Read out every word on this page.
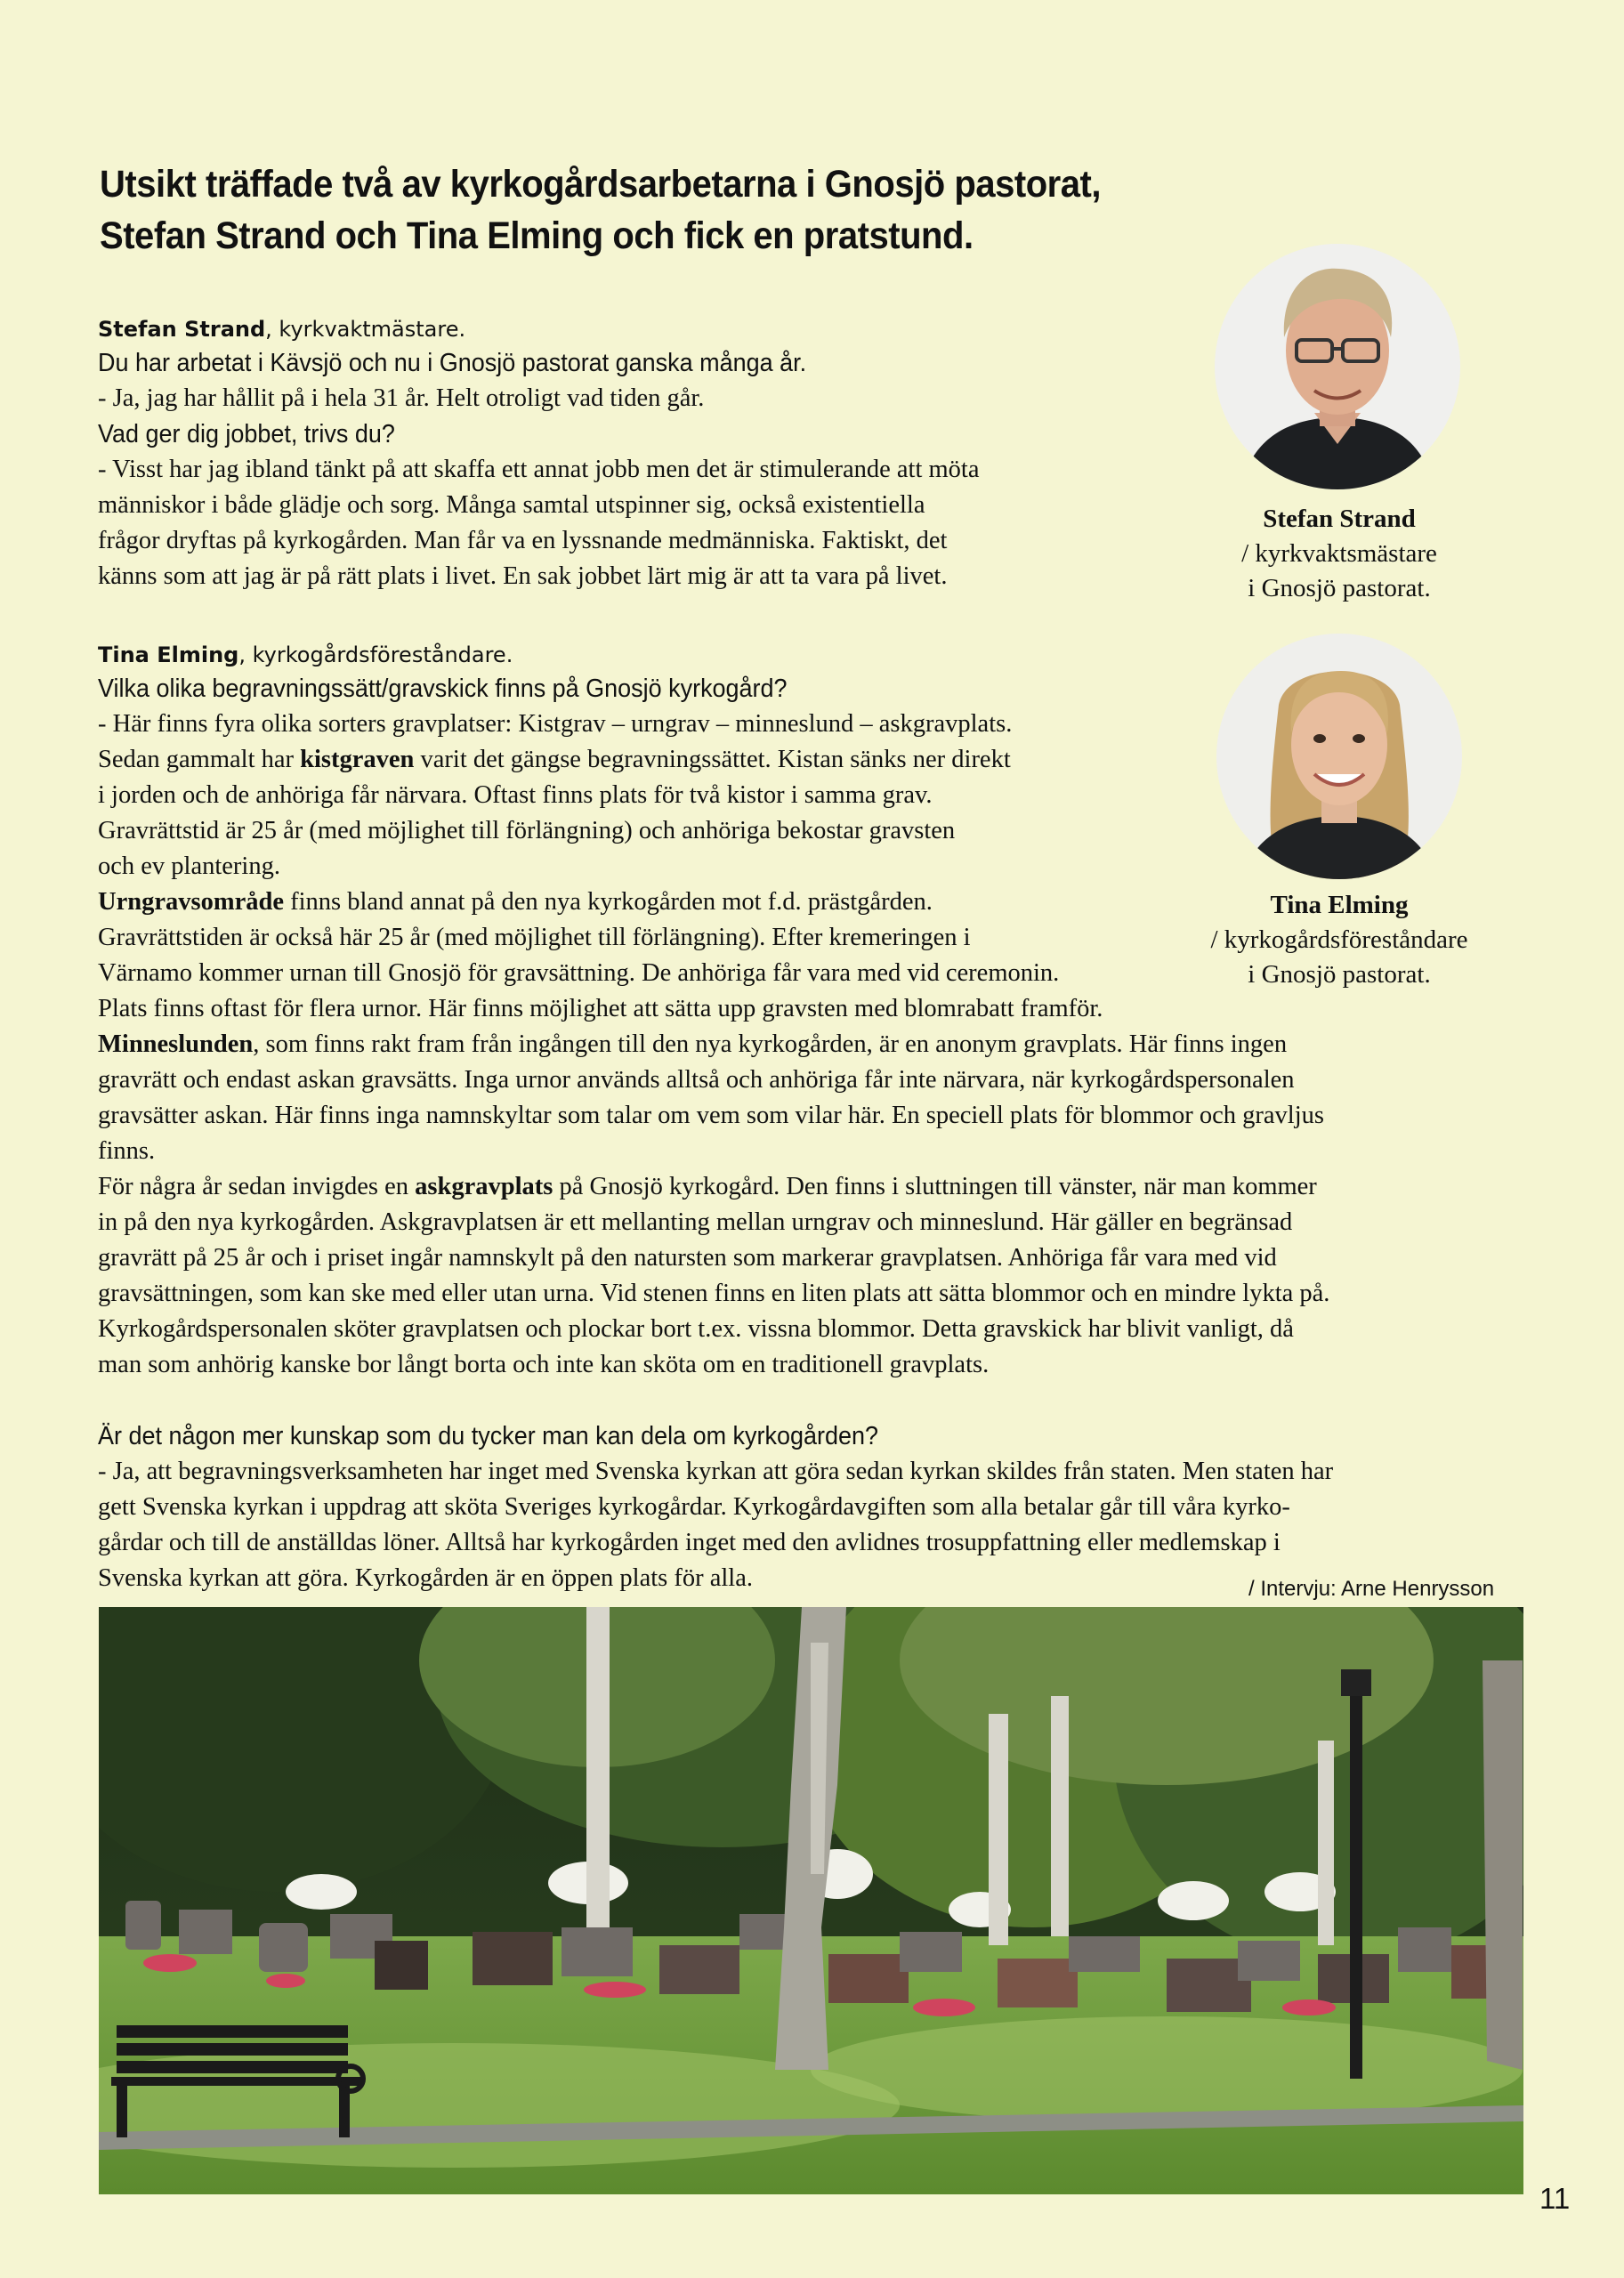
Utsikt träffade två av kyrkogårdsarbetarna i Gnosjö pastorat,
Stefan Strand och Tina Elming och fick en pratstund.
Stefan Strand, kyrkvaktmästare.
Du har arbetat i Kävsjö och nu i Gnosjö pastorat ganska många år.
- Ja, jag har hållit på i hela 31 år. Helt otroligt vad tiden går.
Vad ger dig jobbet, trivs du?
- Visst har jag ibland tänkt på att skaffa ett annat jobb men det är stimulerande att möta
människor i både glädje och sorg. Många samtal utspinner sig, också existentiella
frågor dryftas på kyrkogården. Man får va en lyssnande medmänniska. Faktiskt, det
känns som att jag är på rätt plats i livet. En sak jobbet lärt mig är att ta vara på livet.
Stefan Strand
/ kyrkvaktsmästare
i Gnosjö pastorat.
Tina Elming
/ kyrkogårdsföreståndare
i Gnosjö pastorat.
Tina Elming, kyrkogårdsföreståndare.
Vilka olika begravningssätt/gravskick finns på Gnosjö kyrkogård?
- Här finns fyra olika sorters gravplatser: Kistgrav – urngrav – minneslund – askgravplats.
Sedan gammalt har kistgraven varit det gängse begravningssättet. Kistan sänks ner direkt
i jorden och de anhöriga får närvara. Oftast finns plats för två kistor i samma grav.
Gravrättstid är 25 år (med möjlighet till förlängning) och anhöriga bekostar gravsten
och ev plantering.
Urngravsområde finns bland annat på den nya kyrkogården mot f.d. prästgården.
Gravrättstiden är också här 25 år (med möjlighet till förlängning). Efter kremeringen i
Värnamo kommer urnan till Gnosjö för gravsättning. De anhöriga får vara med vid ceremonin.
Plats finns oftast för flera urnor. Här finns möjlighet att sätta upp gravsten med blomrabatt framför.
Minneslunden, som finns rakt fram från ingången till den nya kyrkogården, är en anonym gravplats. Här finns ingen
gravrätt och endast askan gravsätts. Inga urnor används alltså och anhöriga får inte närvara, när kyrkogårdspersonalen
gravsätter askan. Här finns inga namnskyltar som talar om vem som vilar här. En speciell plats för blommor och gravljus
finns.
För några år sedan invigdes en askgravplats på Gnosjö kyrkogård. Den finns i sluttningen till vänster, när man kommer
in på den nya kyrkogården. Askgravplatsen är ett mellanting mellan urngrav och minneslund. Här gäller en begränsad
gravrätt på 25 år och i priset ingår namnskylt på den natursten som markerar gravplatsen. Anhöriga får vara med vid
gravsättningen, som kan ske med eller utan urna. Vid stenen finns en liten plats att sätta blommor och en mindre lykta på.
Kyrkogårdspersonalen sköter gravplatsen och plockar bort t.ex. vissna blommor. Detta gravskick har blivit vanligt, då
man som anhörig kanske bor långt borta och inte kan sköta om en traditionell gravplats.
Är det någon mer kunskap som du tycker man kan dela om kyrkogården?
- Ja, att begravningsverksamheten har inget med Svenska kyrkan att göra sedan kyrkan skildes från staten. Men staten har
gett Svenska kyrkan i uppdrag att sköta Sveriges kyrkogårdar. Kyrkogårdavgiften som alla betalar går till våra kyrko-
gårdar och till de anställdas löner. Alltså har kyrkogården inget med den avlidnes trosuppfattning eller medlemskap i
Svenska kyrkan att göra. Kyrkogården är en öppen plats för alla.	/ Intervju: Arne Henrysson
11
